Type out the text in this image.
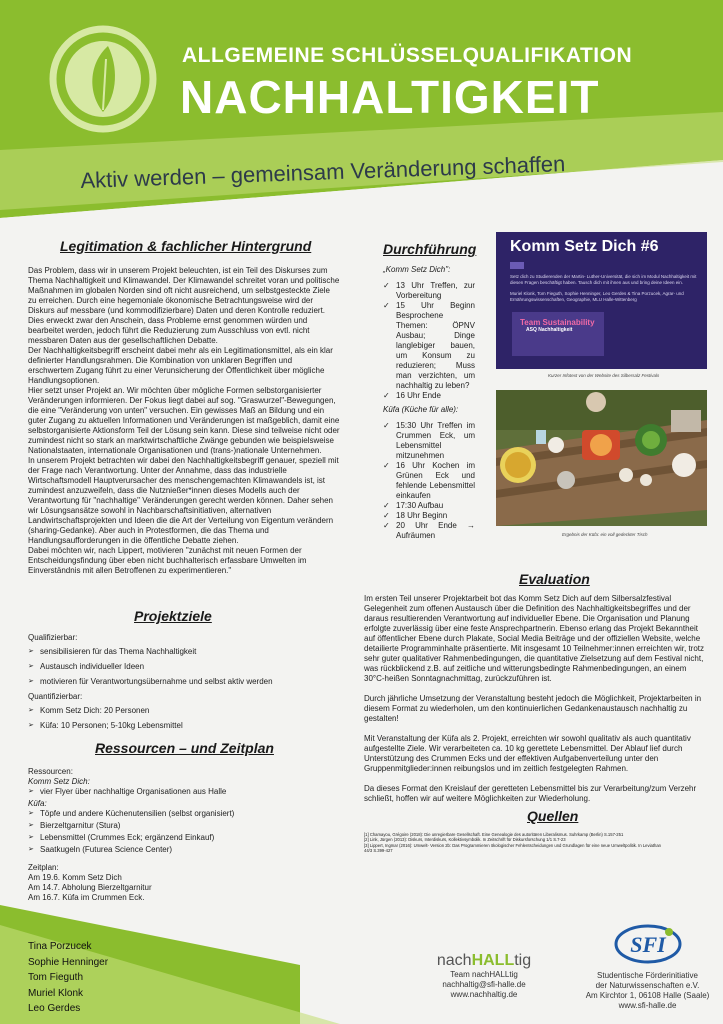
ALLGEMEINE SCHLÜSSELQUALIFIKATION
NACHHALTIGKEIT
Aktiv werden – gemeinsam Veränderung schaffen
Legitimation & fachlicher Hintergrund

Das Problem, dass wir in unserem Projekt beleuchten, ist ein Teil des Diskurses zum Thema Nachhaltigkeit und Klimawandel. Der Klimawandel schreitet voran und politische Maßnahmen im globalen Norden sind oft nicht ausreichend, um selbstgesteckte Ziele zu erreichen. Durch eine hegemoniale ökonomische Betrachtungsweise wird der Diskurs auf messbare (und kommodifizierbare) Daten und deren Kontrolle reduziert. Dies erweckt zwar den Anschein, dass Probleme ernst genommen würden und bearbeitet werden, jedoch führt die Reduzierung zum Ausschluss von evtl. nicht messbaren Daten aus der gesellschaftlichen Debatte.

Der Nachhaltigkeitsbegriff erscheint dabei mehr als ein Legitimationsmittel, als ein klar definierter Handlungsrahmen. Die Kombination von unklaren Begriffen und erschwertem Zugang führt zu einer Verunsicherung der Öffentlichkeit über mögliche Handlungsoptionen.

Hier setzt unser Projekt an. Wir möchten über mögliche Formen selbstorganisierter Veränderungen informieren. Der Fokus liegt dabei auf sog. "Graswurzel"-Bewegungen, die eine "Veränderung von unten" versuchen. Ein gewisses Maß an Bildung und ein guter Zugang zu aktuellen Informationen und Veränderungen ist maßgeblich, damit eine selbstorganisierte Aktionsform Teil der Lösung sein kann. Diese sind teilweise nicht oder zumindest nicht so stark an marktwirtschaftliche Zwänge gebunden wie beispielsweise Nationalstaaten, internationale Organisationen und (trans-)nationale Unternehmen.

In unserem Projekt betrachten wir dabei den Nachhaltigkeitsbegriff genauer, speziell mit der Frage nach Verantwortung. Unter der Annahme, dass das industrielle Wirtschaftsmodell Hauptverursacher des menschengemachten Klimawandels ist, ist zumindest anzuzweifeln, dass die Nutznießer*innen dieses Modells auch der Verantwortung für "nachhaltige" Veränderungen gerecht werden können. Daher sehen wir Lösungsansätze sowohl in Nachbarschaftsinitiativen, alternativen Landwirtschaftsprojekten und Ideen die die Art der Verteilung von Eigentum verändern (sharing-Gedanke). Aber auch in Protestformen, die das Thema und Handlungsaufforderungen in die öffentliche Debatte ziehen.

Dabei möchten wir, nach Lippert, motivieren "zunächst mit neuen Formen der Entscheidungsfindung über eben nicht buchhalterisch erfassbare Umwelten im Einverständnis mit allen Betroffenen zu experimentieren."

Projektziele

Qualifizierbar:

➢ sensibilisieren für das Thema Nachhaltigkeit
➢ Austausch individueller Ideen
➢ motivieren für Verantwortungsübernahme und selbst aktiv werden

Quantifizierbar:

➢ Komm Setz Dich: 20 Personen
➢ Küfa: 10 Personen; 5-10kg Lebensmittel
Ressourcen – und Zeitplan

Ressourcen:

Komm Setz Dich:

➢ vier Flyer über nachhaltige Organisationen aus Halle

Küfa:

➢ Töpfe und andere Küchenutensilien (selbst organisiert)
➢ Bierzeltgarnitur (Stura)
➢ Lebensmittel (Crummes Eck; ergänzend Einkauf)
➢ Saatkugeln (Futurea Science Center)

Zeitplan:

Am 19.6. Komm Setz Dich

Am 14.7. Abholung Bierzeltgarnitur

Am 16.7. Küfa im Crummen Eck.

Durchführung

„Komm Setz Dich":

✓ 13 Uhr Treffen, zur Vorbereitung
✓ 15 Uhr Beginn Besprochene Themen: ÖPNV Ausbau; Dinge langlebiger bauen, um Konsum zu reduzieren; Muss man verzichten, um nachhaltig zu leben?
✓ 16 Uhr Ende

Küfa (Küche für alle):

✓ 15:30 Uhr Treffen im Crummen Eck, um Lebensmittel mitzunehmen
✓ 16 Uhr Kochen im Grünen Eck und fehlende Lebensmittel einkaufen
✓ 17:30 Aufbau
✓ 18 Uhr Beginn
✓ 20 Uhr Ende → Aufräumen
Komm Setz Dich #6

Setz dich zu Studierenden der Martin- Luther-Universität, die sich im Modul Nachhaltigkeit mit diesen Fragen beschäftigt haben. Tausch dich mit ihnen aus und bring deine Ideen ein.

Muriel Klonk, Tom Fieguth, Sophie Henninger, Leo Gerdes & Tina Porzucek, Agrar- und Ernährungswissenschaften, Geographie, MLU Halle-Wittenberg

Team Sustainability
ASQ Nachhaltigkeit
Kurzer Infotext von der Website des Silbersalz Festivals
Ergebnis der Küfa: ein voll gedeckter Tisch
Evaluation

Im ersten Teil unserer Projektarbeit bot das Komm Setz Dich auf dem Silbersalzfestival Gelegenheit zum offenen Austausch über die Definition des Nachhaltigkeitsbegriffes und der daraus resultierenden Verantwortung auf individueller Ebene. Die Organisation und Planung erfolgte zuverlässig über eine feste Ansprechpartnerin. Ebenso erlang das Projekt Bekanntheit auf öffentlicher Ebene durch Plakate, Social Media Beiträge und der offiziellen Website, welche detailierte Programminhalte präsentierte. Mit insgesamt 10 Teilnehmer:innen erreichten wir, trotz sehr guter qualitativer Rahmenbedingungen, die quantitative Zielsetzung auf dem Festival nicht, was rückblickend z.B. auf zeitliche und witterungsbedingte Rahmenbedingungen, an einem 30°C-heißen Sonntagnachmittag, zurückzuführen ist.

Durch jährliche Umsetzung der Veranstaltung besteht jedoch die Möglichkeit, Projektarbeiten in diesem Format zu wiederholen, um den kontinuierlichen Gedankenaustausch nachhaltig zu gestalten!

Mit Veranstaltung der Küfa als 2. Projekt, erreichten wir sowohl qualitativ als auch quantitativ aufgestellte Ziele. Wir verarbeiteten ca. 10 kg gerettete Lebensmittel. Der Ablauf lief durch Unterstützung des Crummen Ecks und der effektiven Aufgabenverteilung unter den Gruppenmitglieder:innen reibungslos und im zeitlich festgelegten Rahmen.

Da dieses Format den Kreislauf der geretteten Lebensmittel bis zur Verarbeitung/zum Verzehr schließt, hoffen wir auf weitere Möglichkeiten zur Wiederholung.

Quellen

[1] Chamayou, Grégoire (2018): Die unregierbare Gesellschaft. Eine Genealogie des autoritären Liberalismus. Suhrkamp (Berlin) S.157-251

[2] Link, Jürgen (2013): Diskurs, Interdiskurs, Kollektivsymbolik. In Zeitschrift für Diskursforschung 1/1 S.7-23

[3] Lippert, Ingmar (2016): Umwelt- Version 2b: Das Programmieren ökologischer Fehlentscheidungen und Grundlagen für eine neue Umweltpolitik. In Leviathan 44/3 S.399-427

Tina Porzucek
Sophie Henninger
Tom Fieguth
Muriel Klonk
Leo Gerdes
nachHALLtig
Team nachHALLtig
nachhaltig@sfi-halle.de
www.nachhaltig.de
SFI
Studentische Förderinitiative
der Naturwissenschaften e.V.
Am Kirchtor 1, 06108 Halle (Saale)
www.sfi-halle.de
